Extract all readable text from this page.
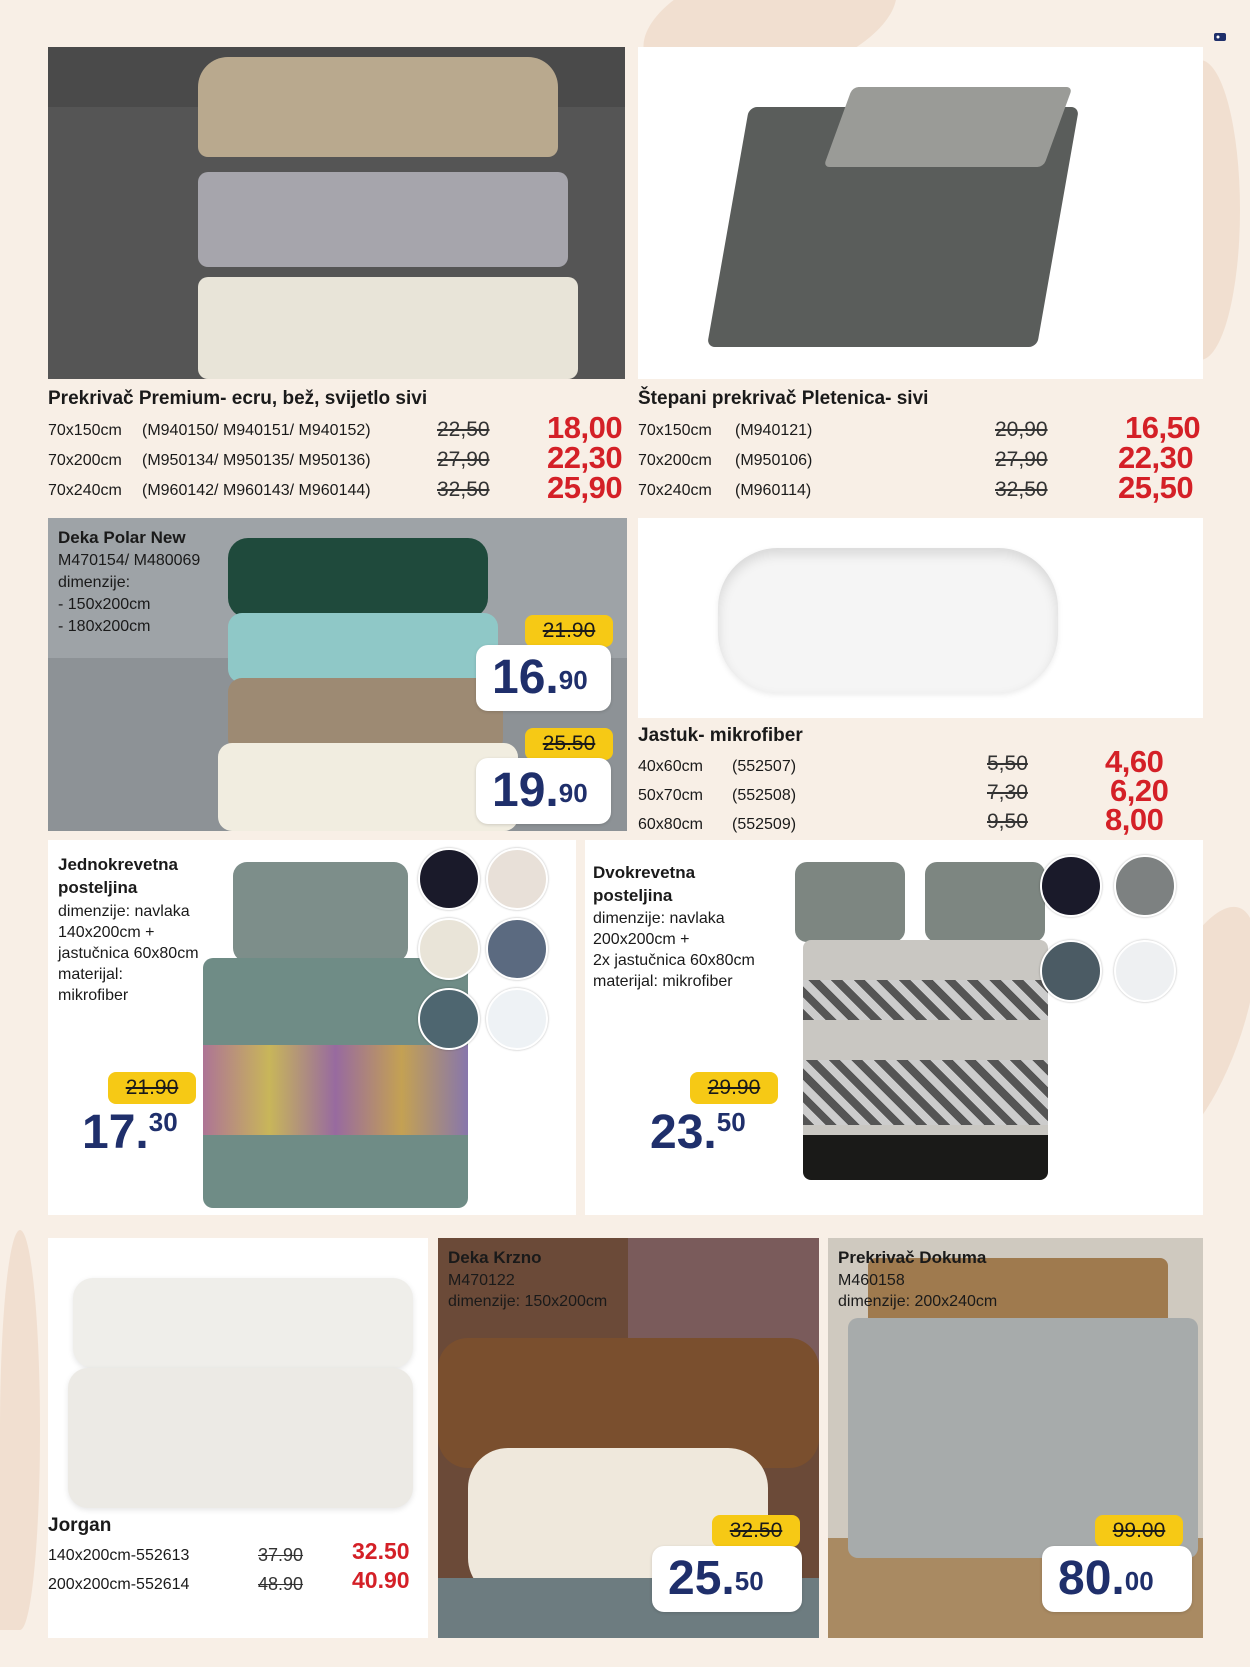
Prekrivač Premium- ecru, bež, svijetlo sivi
70x150cm (M940150/ M940151/ M940152)	22,50 18,00
70x200cm (M950134/ M950135/ M950136)	27,90 22,30
70x240cm (M960142/ M960143/ M960144)	32,50 25,90
Štepani prekrivač Pletenica- sivi
70x150cm (M940121)	20,90 16,50
70x200cm (M950106)	27,90 22,30
70x240cm (M960114)	32,50 25,50
Deka Polar New
M470154/ M480069
dimenzije:
- 150x200cm
- 180x200cm	21.90
16.90
25.50
19.90
Jastuk- mikrofiber
40x60cm (552507)	5,50 4,60
50x70cm (552508)	7,30	6,20
60x80cm (552509)	9,50 8,00
Jednokrevetna
posteljina
dimenzije: navlaka
140x200cm +
jastučnica 60x80cm
materijal:
mikrofiber
21.90
17.30
Dvokrevetna
posteljina
dimenzije: navlaka
200x200cm +
2x jastučnica 60x80cm
materijal: mikrofiber
29.90
23.50
Jorgan
140x200cm-552613	37.90 32.50
200x200cm-552614	48.90 40.90
Deka Krzno
M470122
dimenzije: 150x200cm
32.50
25.50
Prekrivač Dokuma
M460158
dimenzije: 200x240cm
99.00
80.00
